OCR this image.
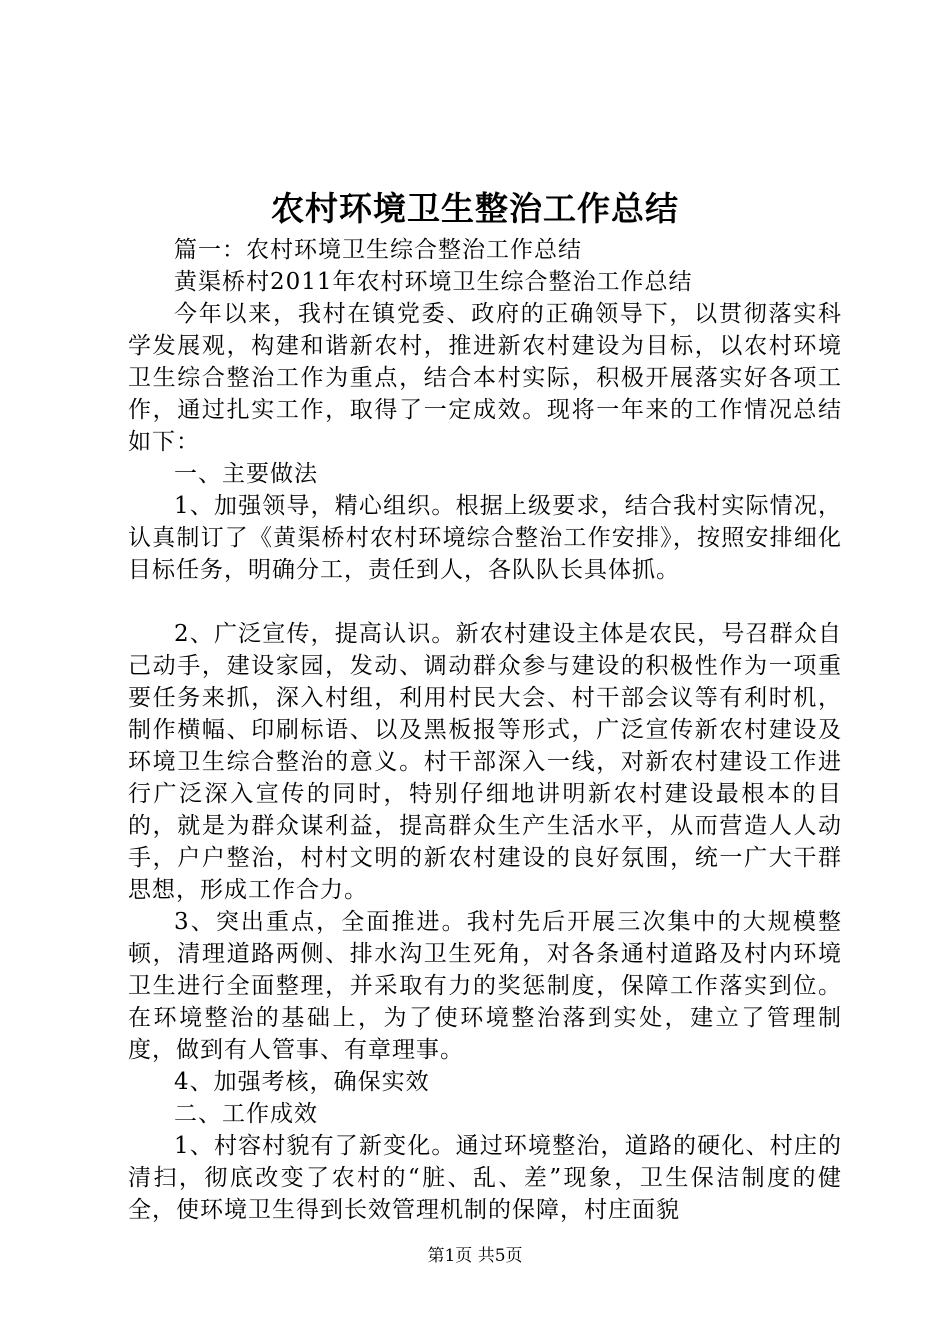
农村环境卫生整治工作总结

篇一：农村环境卫生综合整治工作总结

黄渠桥村2011年农村环境卫生综合整治工作总结

今年以来，我村在镇党委、政府的正确领导下，以贯彻落实科学发展观，构建和谐新农村，推进新农村建设为目标，以农村环境卫生综合整治工作为重点，结合本村实际，积极开展落实好各项工作，通过扎实工作，取得了一定成效。现将一年来的工作情况总结如下：

一、主要做法

1、加强领导，精心组织。根据上级要求，结合我村实际情况，认真制订了《黄渠桥村农村环境综合整治工作安排》，按照安排细化目标任务，明确分工，责任到人，各队队长具体抓。

2、广泛宣传，提高认识。新农村建设主体是农民，号召群众自己动手，建设家园，发动、调动群众参与建设的积极性作为一项重要任务来抓，深入村组，利用村民大会、村干部会议等有利时机，制作横幅、印刷标语、以及黑板报等形式，广泛宣传新农村建设及环境卫生综合整治的意义。村干部深入一线，对新农村建设工作进行广泛深入宣传的同时，特别仔细地讲明新农村建设最根本的目的，就是为群众谋利益，提高群众生产生活水平，从而营造人人动手，户户整治，村村文明的新农村建设的良好氛围，统一广大干群思想，形成工作合力。

3、突出重点，全面推进。我村先后开展三次集中的大规模整顿，清理道路两侧、排水沟卫生死角，对各条通村道路及村内环境卫生进行全面整理，并采取有力的奖惩制度，保障工作落实到位。在环境整治的基础上，为了使环境整治落到实处，建立了管理制度，做到有人管事、有章理事。

4、加强考核，确保实效

二、工作成效

1、村容村貌有了新变化。通过环境整治，道路的硬化、村庄的清扫，彻底改变了农村的“脏、乱、差”现象，卫生保洁制度的健全，使环境卫生得到长效管理机制的保障，村庄面貌

第1页 共5页
